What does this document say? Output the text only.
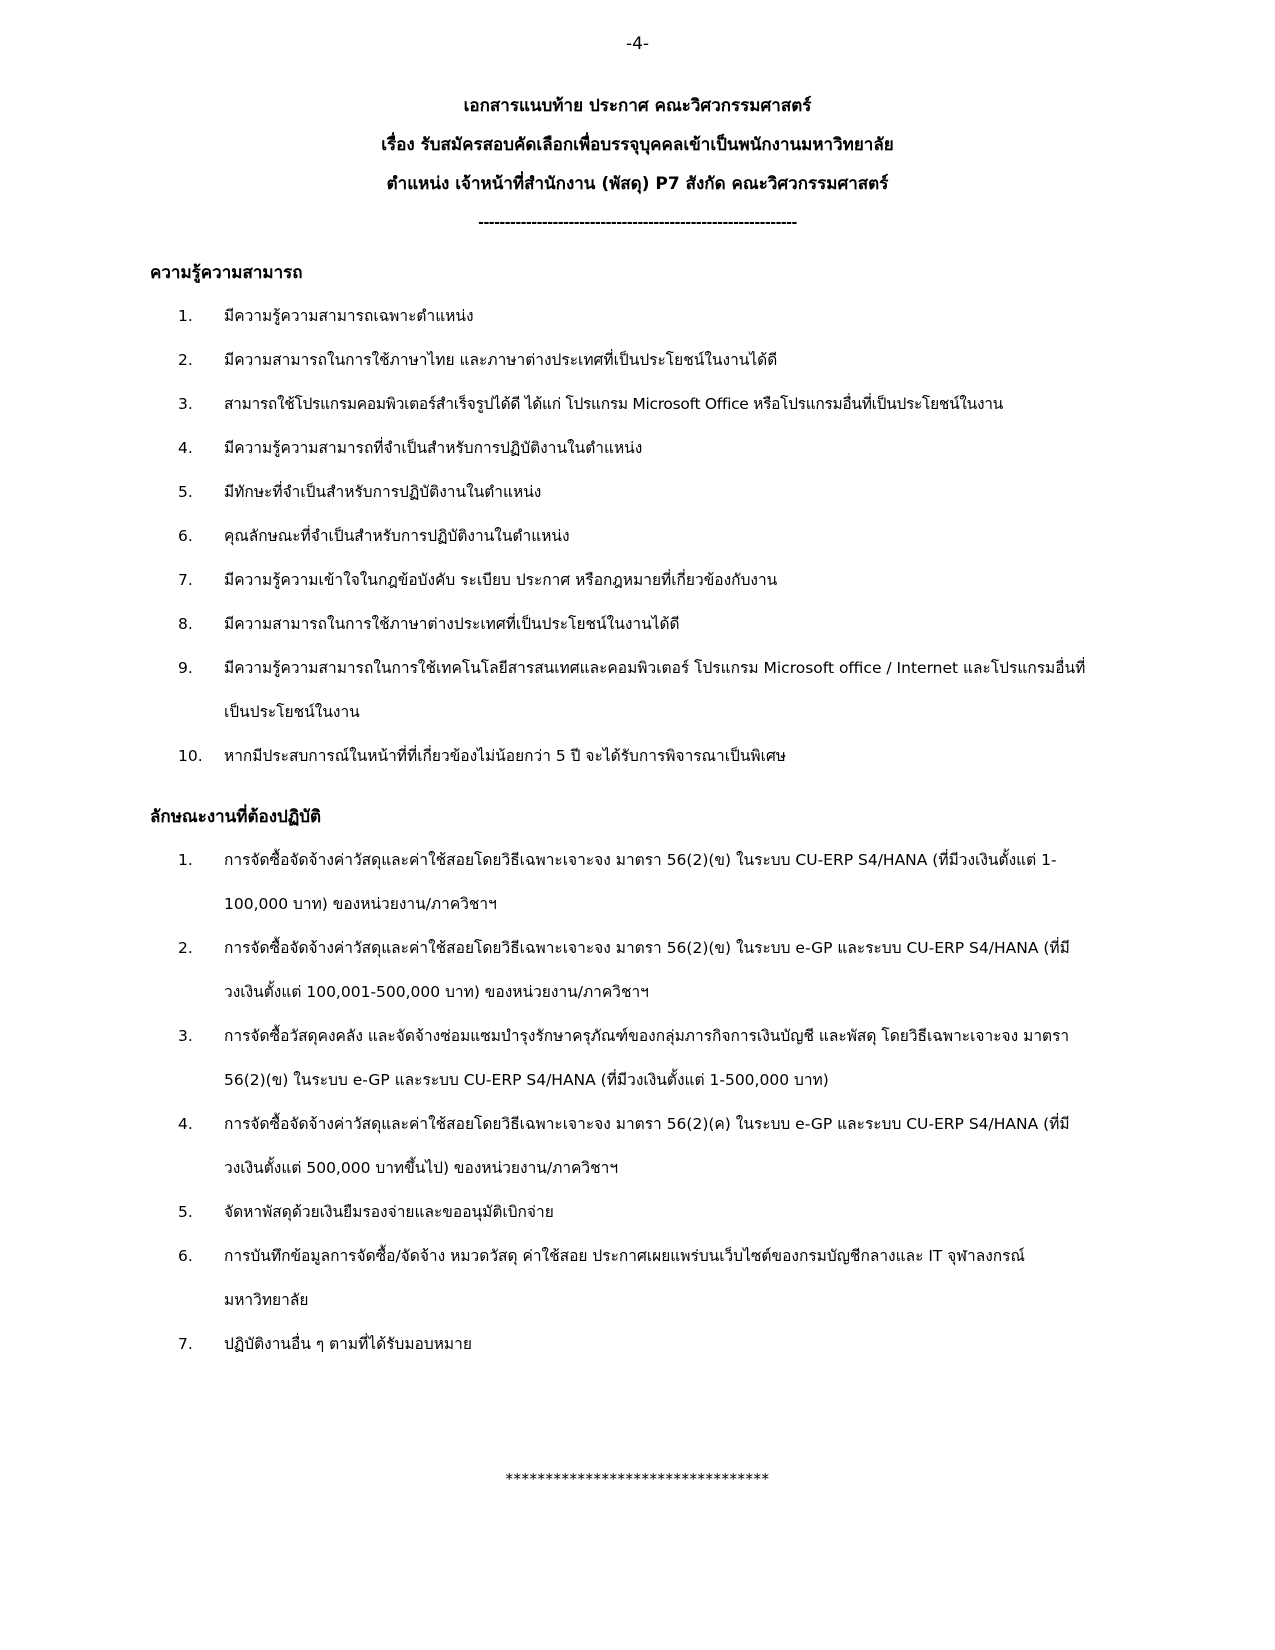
-4-
เอกสารแนบท้าย ประกาศ คณะวิศวกรรมศาสตร์
เรื่อง รับสมัครสอบคัดเลือกเพื่อบรรจุบุคคลเข้าเป็นพนักงานมหาวิทยาลัย
ตำแหน่ง เจ้าหน้าที่สำนักงาน (พัสดุ) P7 สังกัด คณะวิศวกรรมศาสตร์
------------------------------------------------------------
ความรู้ความสามารถ
1.	มีความรู้ความสามารถเฉพาะตำแหน่ง
2.	มีความสามารถในการใช้ภาษาไทย และภาษาต่างประเทศที่เป็นประโยชน์ในงานได้ดี
3.	สามารถใช้โปรแกรมคอมพิวเตอร์สำเร็จรูปได้ดี ได้แก่ โปรแกรม Microsoft Office หรือโปรแกรมอื่นที่เป็นประโยชน์ในงาน
4.	มีความรู้ความสามารถที่จำเป็นสำหรับการปฏิบัติงานในตำแหน่ง
5.	มีทักษะที่จำเป็นสำหรับการปฏิบัติงานในตำแหน่ง
6.	คุณลักษณะที่จำเป็นสำหรับการปฏิบัติงานในตำแหน่ง
7.	มีความรู้ความเข้าใจในกฎข้อบังคับ ระเบียบ ประกาศ หรือกฎหมายที่เกี่ยวข้องกับงาน
8.	มีความสามารถในการใช้ภาษาต่างประเทศที่เป็นประโยชน์ในงานได้ดี
9.	มีความรู้ความสามารถในการใช้เทคโนโลยีสารสนเทศและคอมพิวเตอร์ โปรแกรม Microsoft office / Internet และโปรแกรมอื่นที่เป็นประโยชน์ในงาน
10.	หากมีประสบการณ์ในหน้าที่ที่เกี่ยวข้องไม่น้อยกว่า 5 ปี จะได้รับการพิจารณาเป็นพิเศษ
ลักษณะงานที่ต้องปฏิบัติ
1.	การจัดซื้อจัดจ้างค่าวัสดุและค่าใช้สอยโดยวิธีเฉพาะเจาะจง มาตรา 56(2)(ข) ในระบบ CU-ERP S4/HANA (ที่มีวงเงินตั้งแต่ 1-100,000 บาท) ของหน่วยงาน/ภาควิชาฯ
2.	การจัดซื้อจัดจ้างค่าวัสดุและค่าใช้สอยโดยวิธีเฉพาะเจาะจง มาตรา 56(2)(ข) ในระบบ e-GP และระบบ CU-ERP S4/HANA (ที่มีวงเงินตั้งแต่ 100,001-500,000 บาท) ของหน่วยงาน/ภาควิชาฯ
3.	การจัดซื้อวัสดุคงคลัง และจัดจ้างซ่อมแซมบำรุงรักษาครุภัณฑ์ของกลุ่มภารกิจการเงินบัญชี และพัสดุ โดยวิธีเฉพาะเจาะจง มาตรา 56(2)(ข) ในระบบ e-GP และระบบ CU-ERP S4/HANA (ที่มีวงเงินตั้งแต่ 1-500,000 บาท)
4.	การจัดซื้อจัดจ้างค่าวัสดุและค่าใช้สอยโดยวิธีเฉพาะเจาะจง มาตรา 56(2)(ค) ในระบบ e-GP และระบบ CU-ERP S4/HANA (ที่มีวงเงินตั้งแต่ 500,000 บาทขึ้นไป) ของหน่วยงาน/ภาควิชาฯ
5.	จัดหาพัสดุด้วยเงินยืมรองจ่ายและขออนุมัติเบิกจ่าย
6.	การบันทึกข้อมูลการจัดซื้อ/จัดจ้าง หมวดวัสดุ ค่าใช้สอย ประกาศเผยแพร่บนเว็บไซต์ของกรมบัญชีกลางและ IT จุฬาลงกรณ์มหาวิทยาลัย
7.	ปฏิบัติงานอื่น ๆ ตามที่ได้รับมอบหมาย
*********************************
